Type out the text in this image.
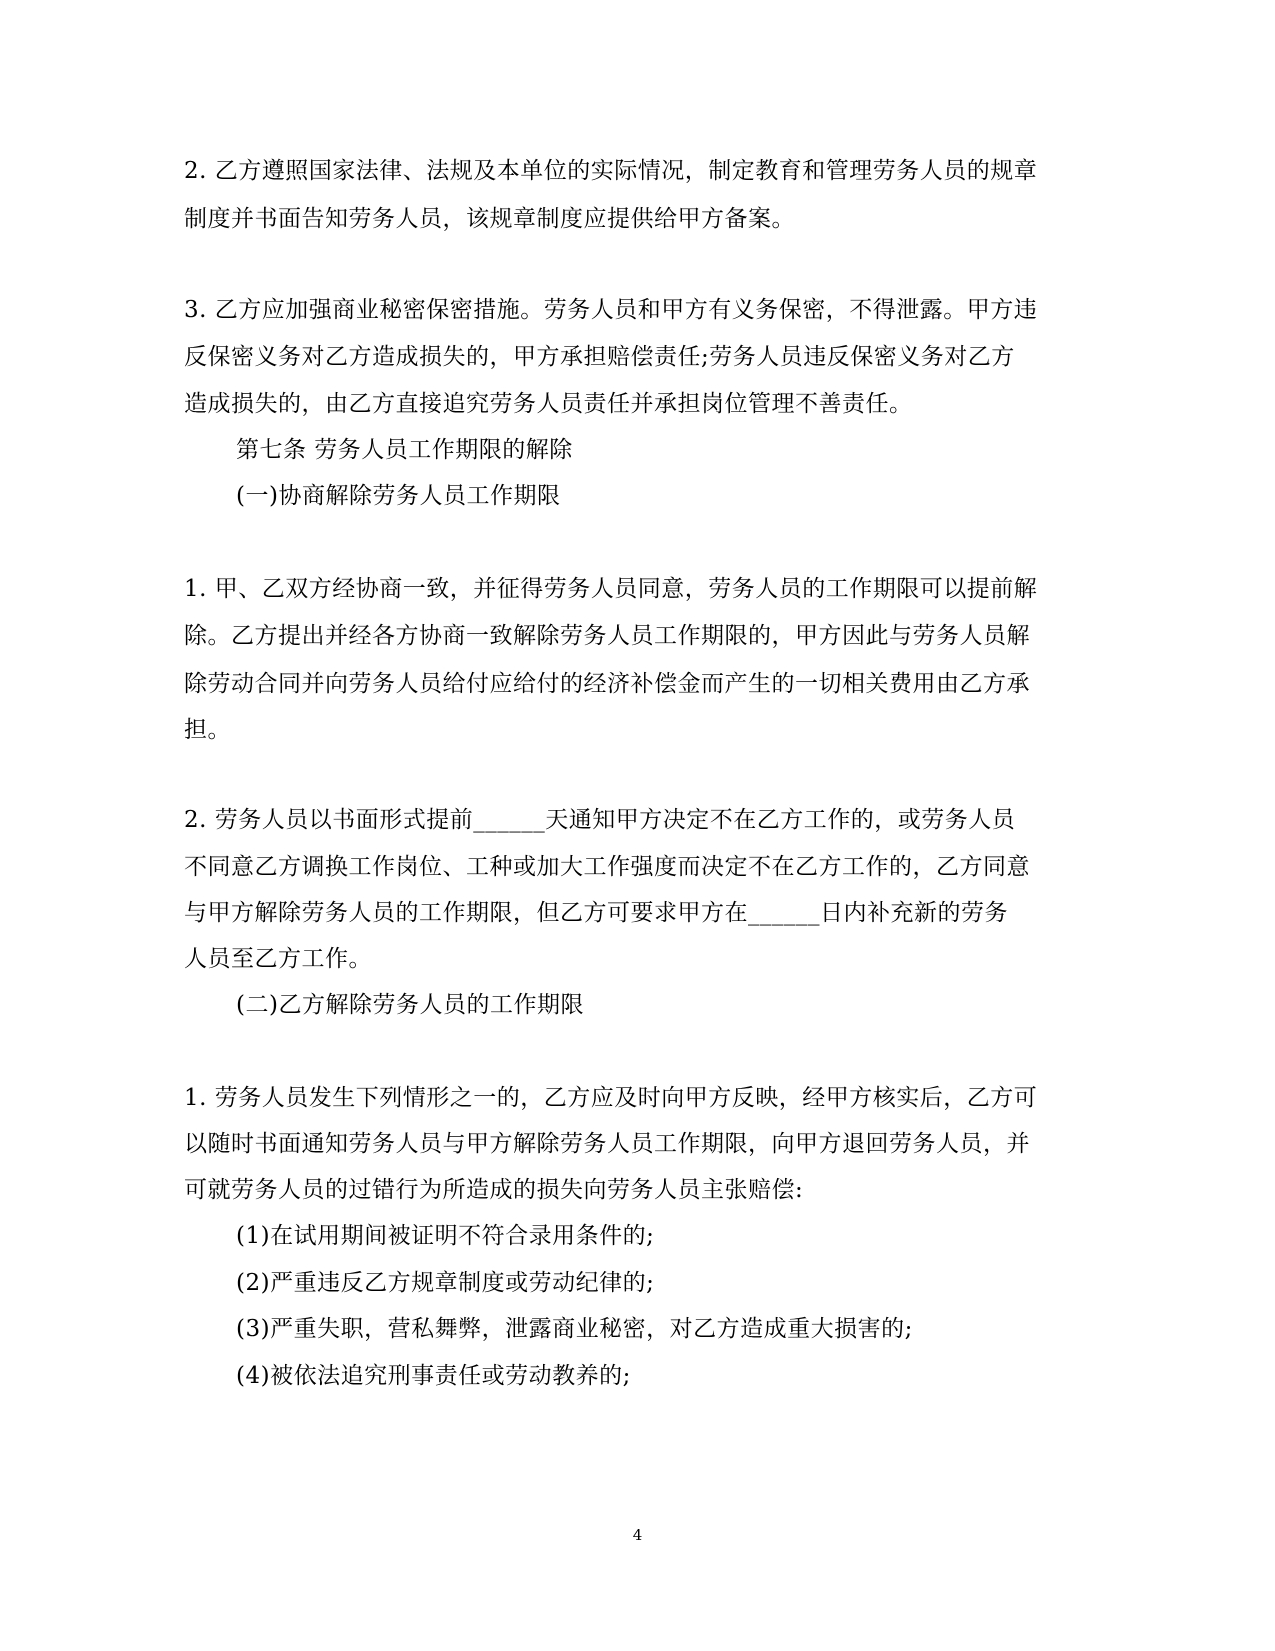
2. 乙方遵照国家法律、法规及本单位的实际情况，制定教育和管理劳务人员的规章
制度并书面告知劳务人员，该规章制度应提供给甲方备案。
3. 乙方应加强商业秘密保密措施。劳务人员和甲方有义务保密，不得泄露。甲方违
反保密义务对乙方造成损失的，甲方承担赔偿责任;劳务人员违反保密义务对乙方
造成损失的，由乙方直接追究劳务人员责任并承担岗位管理不善责任。
第七条 劳务人员工作期限的解除
(一)协商解除劳务人员工作期限
1. 甲、乙双方经协商一致，并征得劳务人员同意，劳务人员的工作期限可以提前解
除。乙方提出并经各方协商一致解除劳务人员工作期限的，甲方因此与劳务人员解
除劳动合同并向劳务人员给付应给付的经济补偿金而产生的一切相关费用由乙方承
担。
2. 劳务人员以书面形式提前______天通知甲方决定不在乙方工作的，或劳务人员
不同意乙方调换工作岗位、工种或加大工作强度而决定不在乙方工作的，乙方同意
与甲方解除劳务人员的工作期限，但乙方可要求甲方在______日内补充新的劳务
人员至乙方工作。
(二)乙方解除劳务人员的工作期限
1. 劳务人员发生下列情形之一的，乙方应及时向甲方反映，经甲方核实后，乙方可
以随时书面通知劳务人员与甲方解除劳务人员工作期限，向甲方退回劳务人员，并
可就劳务人员的过错行为所造成的损失向劳务人员主张赔偿:
(1)在试用期间被证明不符合录用条件的;
(2)严重违反乙方规章制度或劳动纪律的;
(3)严重失职，营私舞弊，泄露商业秘密，对乙方造成重大损害的;
(4)被依法追究刑事责任或劳动教养的;
4
